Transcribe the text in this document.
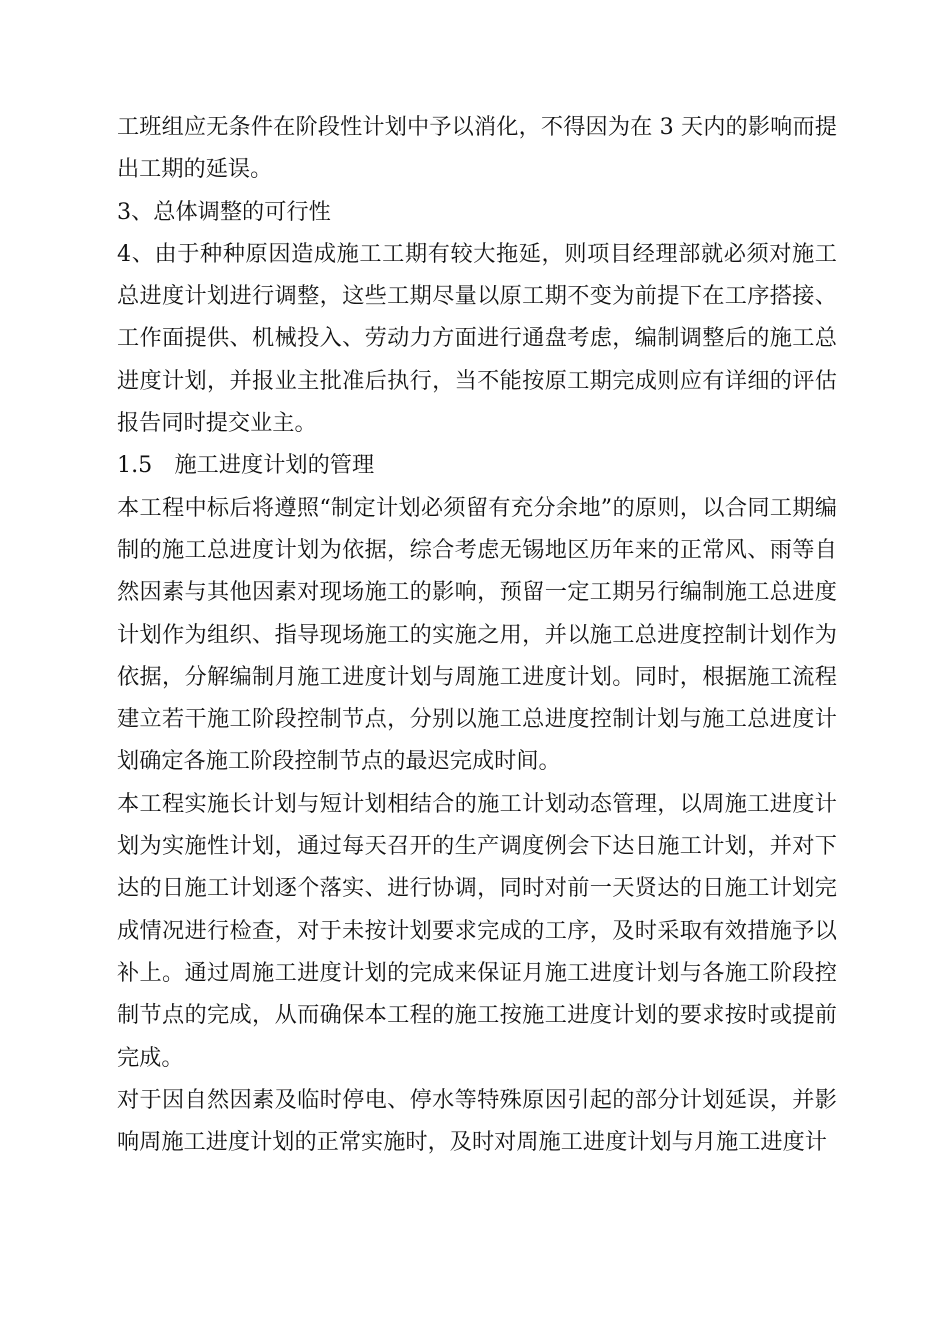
工班组应无条件在阶段性计划中予以消化，不得因为在 3 天内的影响而提出工期的延误。

3、总体调整的可行性

4、由于种种原因造成施工工期有较大拖延，则项目经理部就必须对施工总进度计划进行调整，这些工期尽量以原工期不变为前提下在工序搭接、工作面提供、机械投入、劳动力方面进行通盘考虑，编制调整后的施工总进度计划，并报业主批准后执行，当不能按原工期完成则应有详细的评估报告同时提交业主。

1.5　施工进度计划的管理

本工程中标后将遵照“制定计划必须留有充分余地”的原则，以合同工期编制的施工总进度计划为依据，综合考虑无锡地区历年来的正常风、雨等自然因素与其他因素对现场施工的影响，预留一定工期另行编制施工总进度计划作为组织、指导现场施工的实施之用，并以施工总进度控制计划作为依据，分解编制月施工进度计划与周施工进度计划。同时，根据施工流程建立若干施工阶段控制节点，分别以施工总进度控制计划与施工总进度计划确定各施工阶段控制节点的最迟完成时间。

本工程实施长计划与短计划相结合的施工计划动态管理，以周施工进度计划为实施性计划，通过每天召开的生产调度例会下达日施工计划，并对下达的日施工计划逐个落实、进行协调，同时对前一天贤达的日施工计划完成情况进行检查，对于未按计划要求完成的工序，及时采取有效措施予以补上。通过周施工进度计划的完成来保证月施工进度计划与各施工阶段控制节点的完成，从而确保本工程的施工按施工进度计划的要求按时或提前完成。

对于因自然因素及临时停电、停水等特殊原因引起的部分计划延误，并影响周施工进度计划的正常实施时，及时对周施工进度计划与月施工进度计
